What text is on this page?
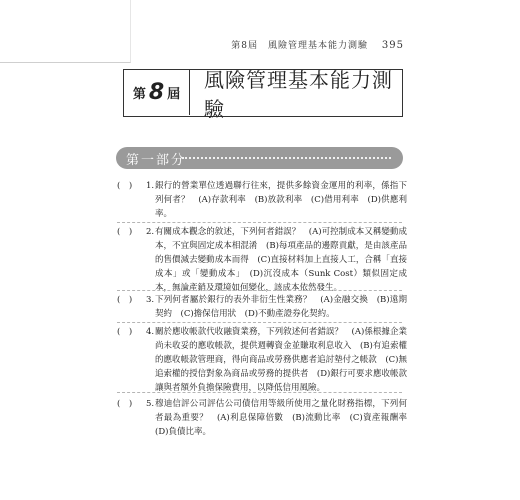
第8屆　風險管理基本能力測驗 395
第 8 屆
風險管理基本能力測驗
第一部分
(　)	1. 銀行的營業單位透過聯行往來，提供多餘資金運用的利率，係指下列何者？　(A)存款利率　(B)放款利率　(C)借用利率　(D)供應利率。
(　)	2. 有關成本觀念的敘述，下列何者錯誤？　(A)可控制成本又稱變動成本，不宜與固定成本相混淆　(B)每項產品的邊際貢獻，是由該產品的售價減去變動成本而得　(C)直接材料加上直接人工，合稱「直接成本」或「變動成本」　(D)沉沒成本（Sunk Cost）類似固定成本，無論產銷及環境如何變化，該成本依然發生。
(　)	3. 下列何者屬於銀行的表外非衍生性業務？　(A)金融交換　(B)遠期契約　(C)擔保信用狀　(D)不動產證券化契約。
(　)	4. 關於應收帳款代收融資業務，下列敘述何者錯誤？　(A)係根據企業尚未收妥的應收帳款，提供週轉資金並賺取利息收入　(B)有追索權的應收帳款管理商，得向商品或勞務供應者追討墊付之帳款　(C)無追索權的授信對象為商品或勞務的提供者　(D)銀行可要求應收帳款讓與者額外負擔保險費用，以降低信用風險。
(　)	5. 穆迪信評公司評估公司債信用等級所使用之量化財務指標，下列何者最為重要？　(A)利息保障倍數　(B)流動比率　(C)資產報酬率　(D)負債比率。
